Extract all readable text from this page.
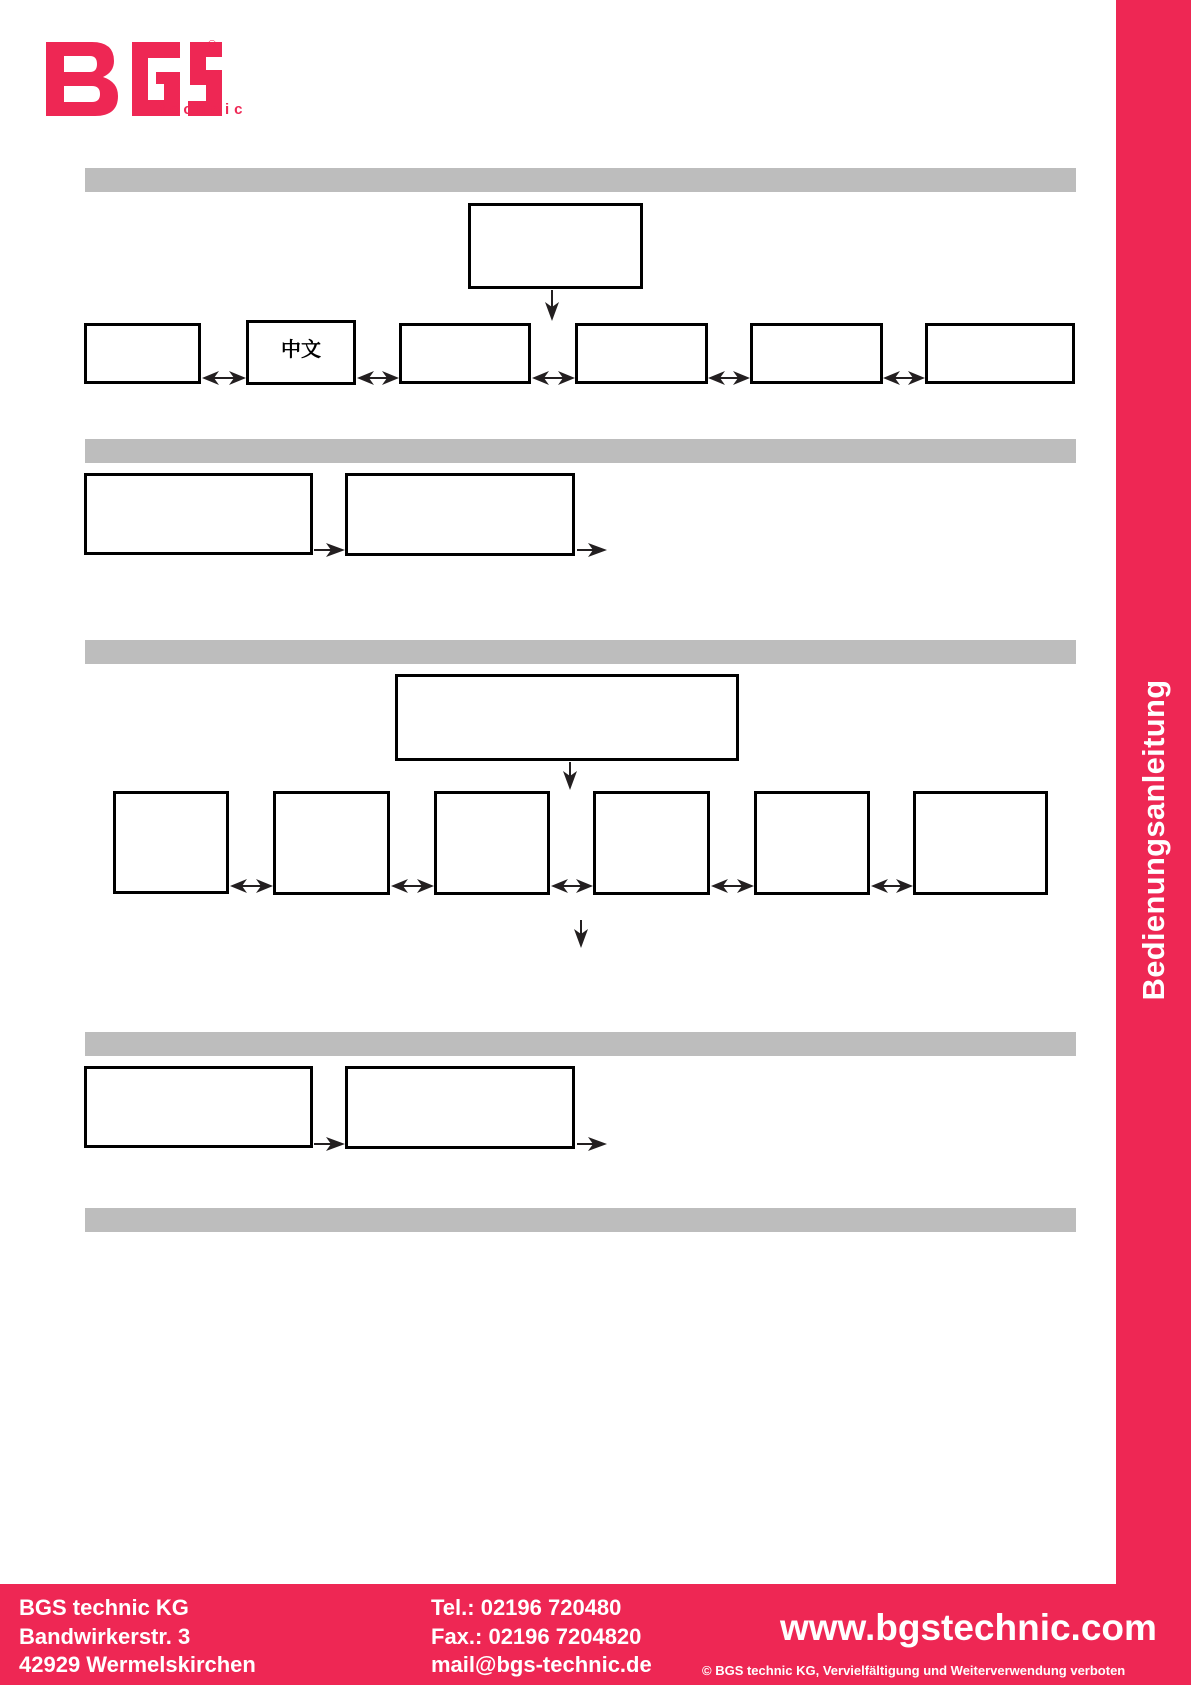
®
technic
中文
Bedienungsanleitung
BGS technic KG
Bandwirkerstr. 3
42929 Wermelskirchen
Tel.: 02196 720480
Fax.: 02196 7204820
mail@bgs-technic.de
www.bgstechnic.com
© BGS technic KG, Vervielfältigung und Weiterverwendung verboten
